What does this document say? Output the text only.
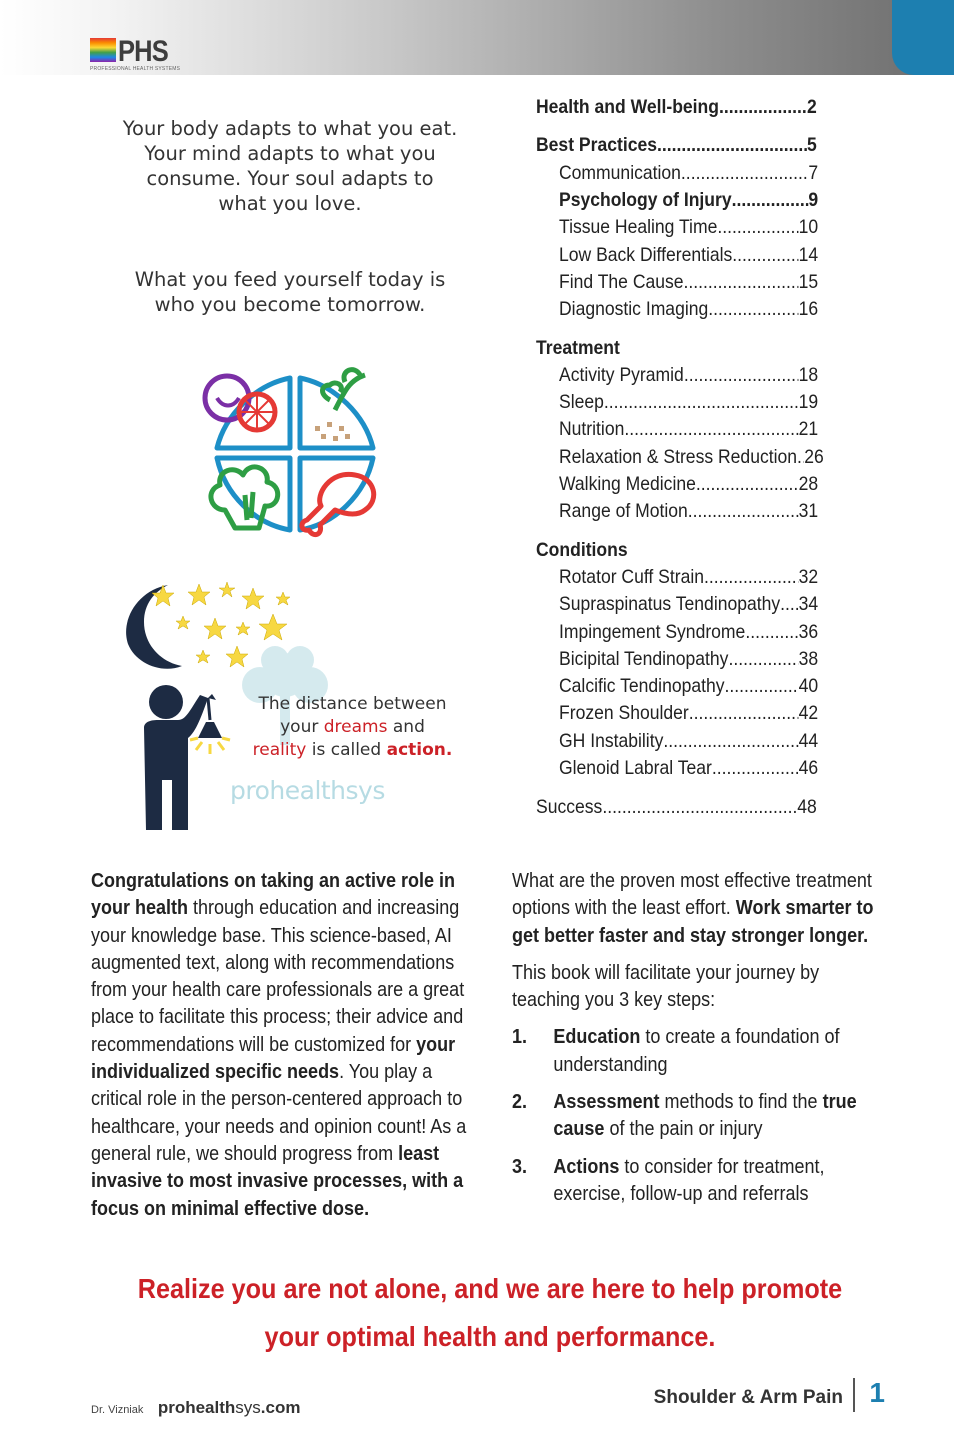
PHS
PROFESSIONAL HEALTH SYSTEMS
Your body adapts to what you eat. Your mind adapts to what you consume. Your soul adapts to what you love.
What you feed yourself today is who you become tomorrow.
The distance between
your dreams and
reality is called action.
prohealthsys
Health and Well-being .....	2
Best Practices .....	5
Communication .....	7
Psychology of Injury .....	9
Tissue Healing Time .....	10
Low Back Differentials .....	14
Find The Cause .....	15
Diagnostic Imaging .....	16
Treatment
Activity Pyramid .....	18
Sleep .....	19
Nutrition .....	21
Relaxation & Stress Reduction ..... 26
Walking Medicine .....	28
Range of Motion .....	31
Conditions
Rotator Cuff Strain .....	32
Supraspinatus Tendinopathy ..... 34
Impingement Syndrome .....	36
Bicipital Tendinopathy .....	38
Calcific Tendinopathy .....	40
Frozen Shoulder .....	42
GH Instability .....	44
Glenoid Labral Tear .....	46
Success .....	48
Congratulations on taking an active role in your health through education and increasing your knowledge base. This science-based, AI augmented text, along with recommendations from your health care professionals are a great place to facilitate this process; their advice and recommendations will be customized for your individualized specific needs. You play a critical role in the person-centered approach to healthcare, your needs and opinion count! As a general rule, we should progress from least invasive to most invasive processes, with a focus on minimal effective dose.

What are the proven most effective treatment options with the least effort. Work smarter to get better faster and stay stronger longer.

This book will facilitate your journey by teaching you 3 key steps:

1. Education to create a foundation of understanding
2. Assessment methods to find the true cause of the pain or injury
3. Actions to consider for treatment, exercise, follow-up and referrals
Realize you are not alone, and we are here to help promote
your optimal health and performance.
Dr. Vizniak prohealthsys.com	Shoulder & Arm Pain 1
